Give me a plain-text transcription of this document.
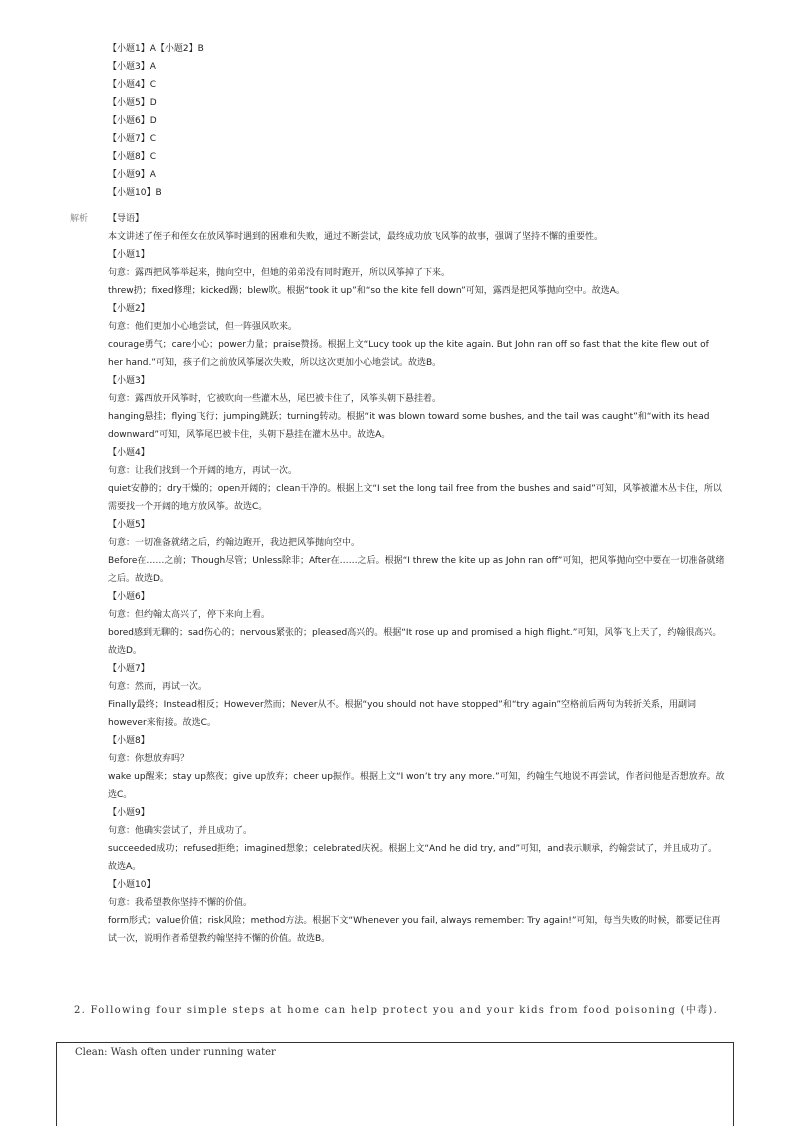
【小题1】A【小题2】B
【小题3】A
【小题4】C
【小题5】D
【小题6】D
【小题7】C
【小题8】C
【小题9】A
【小题10】B
解析 【导语】

本文讲述了侄子和侄女在放风筝时遇到的困难和失败，通过不断尝试，最终成功放飞风筝的故事，强调了坚持不懈的重要性。

【小题1】

句意：露西把风筝举起来，抛向空中，但她的弟弟没有同时跑开，所以风筝掉了下来。

threw扔；fixed修理；kicked踢；blew吹。根据“took it up”和“so the kite fell down”可知，露西是把风筝抛向空中。故选A。

【小题2】

句意：他们更加小心地尝试，但一阵强风吹来。

courage勇气；care小心；power力量；praise赞扬。根据上文“Lucy took up the kite again. But John ran off so fast that the kite flew out of her hand.”可知，孩子们之前放风筝屡次失败，所以这次更加小心地尝试。故选B。

【小题3】

句意：露西放开风筝时，它被吹向一些灌木丛，尾巴被卡住了，风筝头朝下悬挂着。

hanging悬挂；flying飞行；jumping跳跃；turning转动。根据“it was blown toward some bushes, and the tail was caught”和“with its head downward”可知，风筝尾巴被卡住，头朝下悬挂在灌木丛中。故选A。

【小题4】

句意：让我们找到一个开阔的地方，再试一次。

quiet安静的；dry干燥的；open开阔的；clean干净的。根据上文“I set the long tail free from the bushes and said”可知，风筝被灌木丛卡住，所以需要找一个开阔的地方放风筝。故选C。

【小题5】

句意：一切准备就绪之后，约翰边跑开，我边把风筝抛向空中。

Before在……之前；Though尽管；Unless除非；After在……之后。根据“I threw the kite up as John ran off”可知，把风筝抛向空中要在一切准备就绪之后。故选D。

【小题6】

句意：但约翰太高兴了，停下来向上看。

bored感到无聊的；sad伤心的；nervous紧张的；pleased高兴的。根据“It rose up and promised a high flight.”可知，风筝飞上天了，约翰很高兴。故选D。

【小题7】

句意：然而，再试一次。

Finally最终；Instead相反；However然而；Never从不。根据“you should not have stopped”和“try again”空格前后两句为转折关系，用副词however来衔接。故选C。

【小题8】

句意：你想放弃吗？

wake up醒来；stay up熬夜；give up放弃；cheer up振作。根据上文“I won’t try any more.”可知，约翰生气地说不再尝试，作者问他是否想放弃。故选C。

【小题9】

句意：他确实尝试了，并且成功了。

succeeded成功；refused拒绝；imagined想象；celebrated庆祝。根据上文“And he did try, and”可知，and表示顺承，约翰尝试了，并且成功了。故选A。

【小题10】

句意：我希望教你坚持不懈的价值。

form形式；value价值；risk风险；method方法。根据下文“Whenever you fail, always remember: Try again!”可知，每当失败的时候，都要记住再试一次，说明作者希望教约翰坚持不懈的价值。故选B。

2. Following four simple steps at home can help protect you and your kids from food poisoning (中毒).
Clean: Wash often under running water
